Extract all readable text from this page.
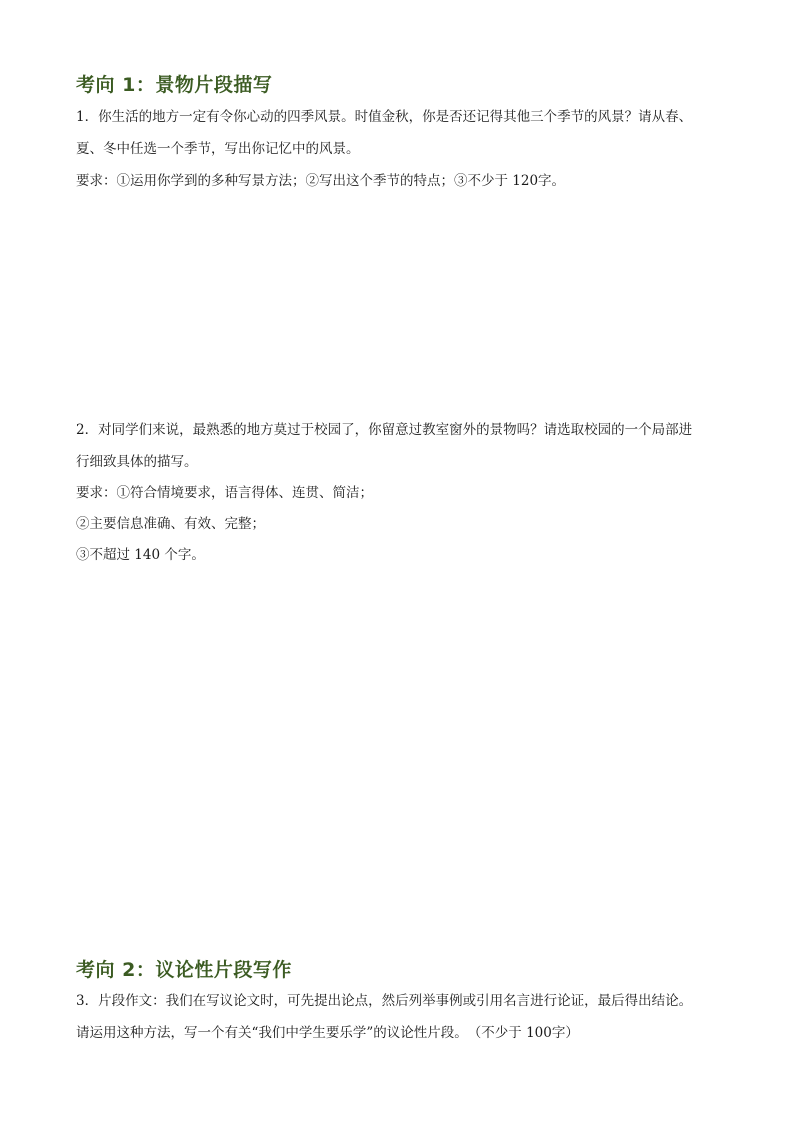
考向 1：景物片段描写
1．你生活的地方一定有令你心动的四季风景。时值金秋，你是否还记得其他三个季节的风景？请从春、
夏、冬中任选一个季节，写出你记忆中的风景。
要求：①运用你学到的多种写景方法；②写出这个季节的特点；③不少于 120字。
2．对同学们来说，最熟悉的地方莫过于校园了，你留意过教室窗外的景物吗？请选取校园的一个局部进
行细致具体的描写。
要求：①符合情境要求，语言得体、连贯、简洁；
②主要信息准确、有效、完整；
③不超过 140 个字。
考向 2：议论性片段写作
3．片段作文：我们在写议论文时，可先提出论点，然后列举事例或引用名言进行论证，最后得出结论。
请运用这种方法，写一个有关“我们中学生要乐学”的议论性片段。　（不少于 100字）
